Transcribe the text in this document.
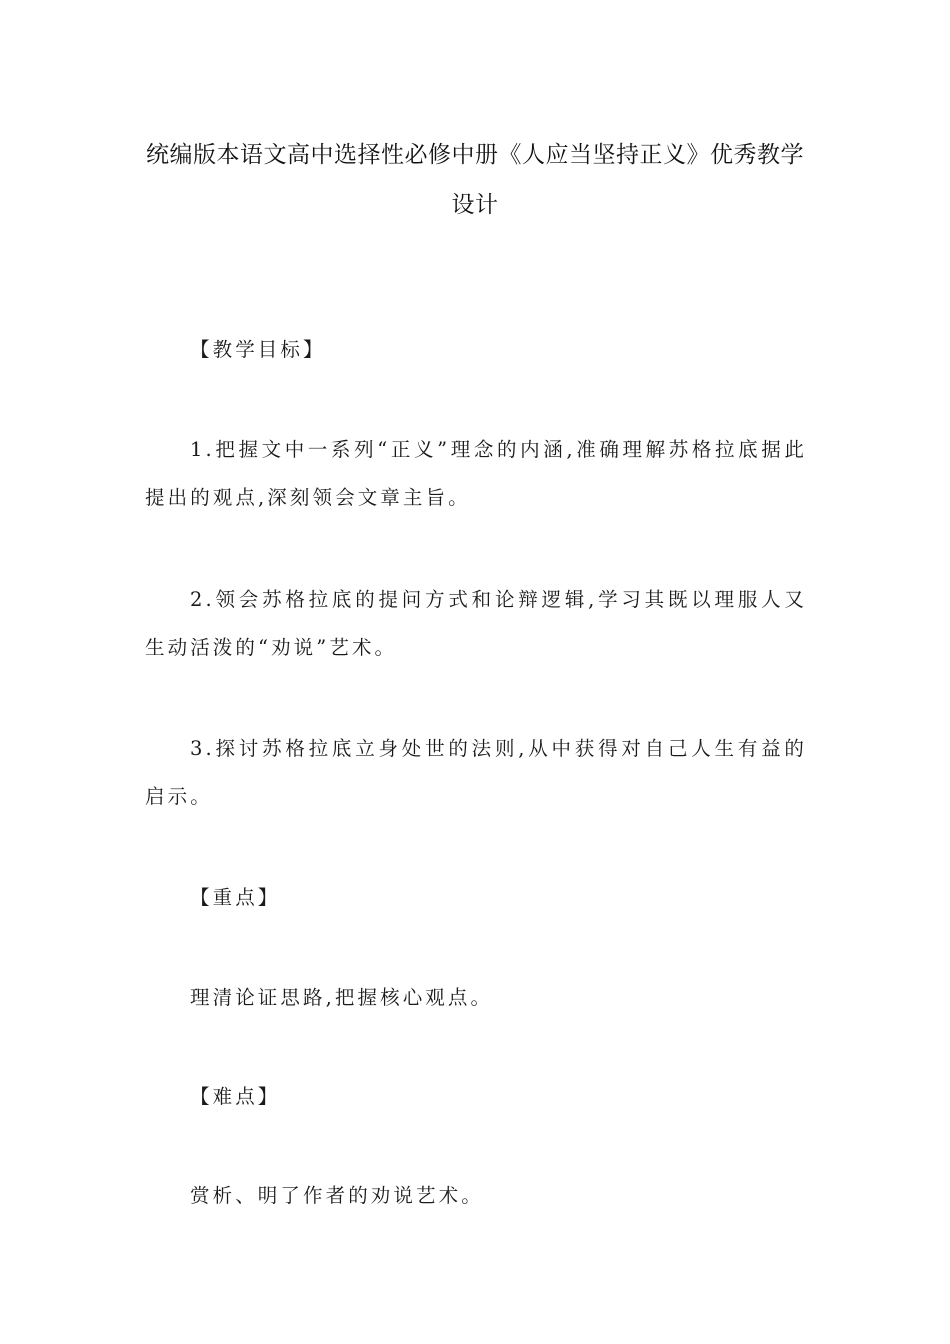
统编版本语文高中选择性必修中册《人应当坚持正义》优秀教学设计
【教学目标】

1.把握文中一系列“正义”理念的内涵,准确理解苏格拉底据此提出的观点,深刻领会文章主旨。

2.领会苏格拉底的提问方式和论辩逻辑,学习其既以理服人又生动活泼的“劝说”艺术。

3.探讨苏格拉底立身处世的法则,从中获得对自己人生有益的启示。

【重点】
理清论证思路,把握核心观点。
【难点】
赏析、明了作者的劝说艺术。
